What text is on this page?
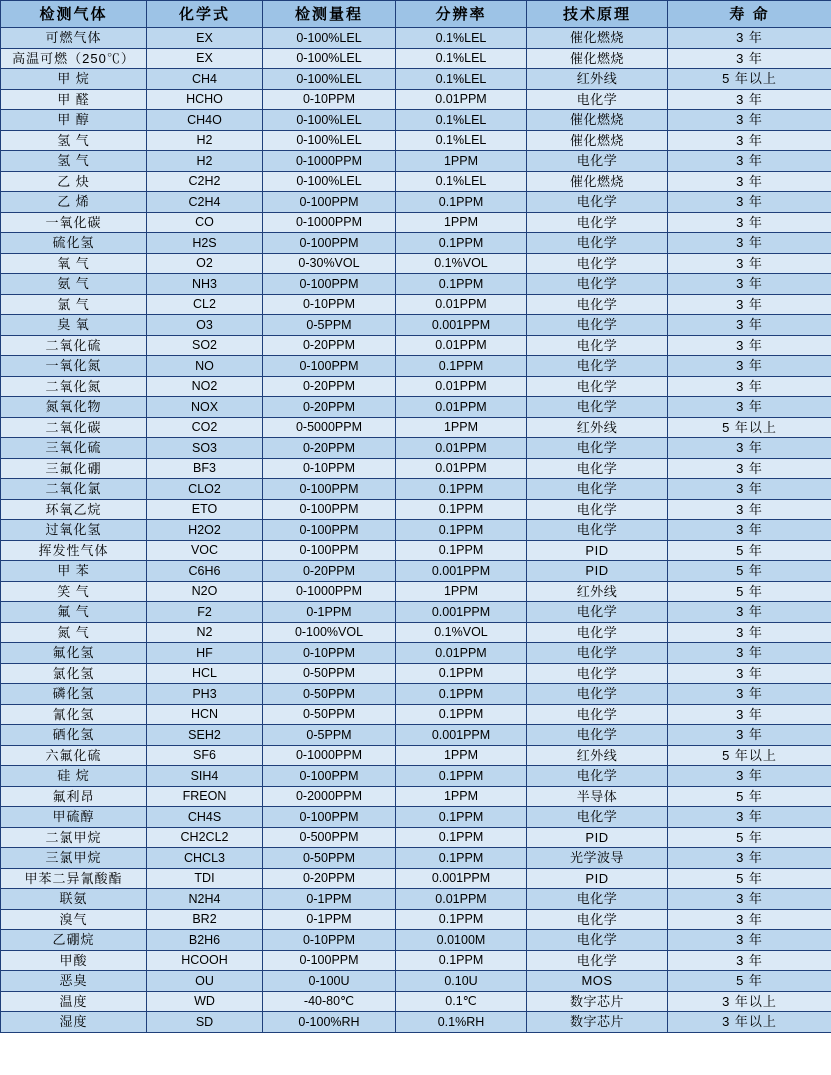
检测气体	化学式	检测量程	分辨率	技术原理	寿 命
可燃气体	EX	0-100%LEL	0.1%LEL	催化燃烧	3 年
高温可燃（250℃）	EX	0-100%LEL	0.1%LEL	催化燃烧	3 年
甲 烷	CH4	0-100%LEL	0.1%LEL	红外线	5 年以上
甲 醛	HCHO	0-10PPM	0.01PPM	电化学	3 年
甲 醇	CH4O	0-100%LEL	0.1%LEL	催化燃烧	3 年
氢 气	H2	0-100%LEL	0.1%LEL	催化燃烧	3 年
氢 气	H2	0-1000PPM	1PPM	电化学	3 年
乙 炔	C2H2	0-100%LEL	0.1%LEL	催化燃烧	3 年
乙 烯	C2H4	0-100PPM	0.1PPM	电化学	3 年
一氧化碳	CO	0-1000PPM	1PPM	电化学	3 年
硫化氢	H2S	0-100PPM	0.1PPM	电化学	3 年
氧 气	O2	0-30%VOL	0.1%VOL	电化学	3 年
氨 气	NH3	0-100PPM	0.1PPM	电化学	3 年
氯 气	CL2	0-10PPM	0.01PPM	电化学	3 年
臭 氧	O3	0-5PPM	0.001PPM	电化学	3 年
二氧化硫	SO2	0-20PPM	0.01PPM	电化学	3 年
一氧化氮	NO	0-100PPM	0.1PPM	电化学	3 年
二氧化氮	NO2	0-20PPM	0.01PPM	电化学	3 年
氮氧化物	NOX	0-20PPM	0.01PPM	电化学	3 年
二氧化碳	CO2	0-5000PPM	1PPM	红外线	5 年以上
三氧化硫	SO3	0-20PPM	0.01PPM	电化学	3 年
三氟化硼	BF3	0-10PPM	0.01PPM	电化学	3 年
二氧化氯	CLO2	0-100PPM	0.1PPM	电化学	3 年
环氧乙烷	ETO	0-100PPM	0.1PPM	电化学	3 年
过氧化氢	H2O2	0-100PPM	0.1PPM	电化学	3 年
挥发性气体	VOC	0-100PPM	0.1PPM	PID	5 年
甲 苯	C6H6	0-20PPM	0.001PPM	PID	5 年
笑 气	N2O	0-1000PPM	1PPM	红外线	5 年
氟 气	F2	0-1PPM	0.001PPM	电化学	3 年
氮 气	N2	0-100%VOL	0.1%VOL	电化学	3 年
氟化氢	HF	0-10PPM	0.01PPM	电化学	3 年
氯化氢	HCL	0-50PPM	0.1PPM	电化学	3 年
磷化氢	PH3	0-50PPM	0.1PPM	电化学	3 年
氰化氢	HCN	0-50PPM	0.1PPM	电化学	3 年
硒化氢	SEH2	0-5PPM	0.001PPM	电化学	3 年
六氟化硫	SF6	0-1000PPM	1PPM	红外线	5 年以上
硅 烷	SIH4	0-100PPM	0.1PPM	电化学	3 年
氟利昂	FREON	0-2000PPM	1PPM	半导体	5 年
甲硫醇	CH4S	0-100PPM	0.1PPM	电化学	3 年
二氯甲烷	CH2CL2	0-500PPM	0.1PPM	PID	5 年
三氯甲烷	CHCL3	0-50PPM	0.1PPM	光学波导	3 年
甲苯二异氰酸酯	TDI	0-20PPM	0.001PPM	PID	5 年
联氨	N2H4	0-1PPM	0.01PPM	电化学	3 年
溴气	BR2	0-1PPM	0.1PPM	电化学	3 年
乙硼烷	B2H6	0-10PPM	0.0100M	电化学	3 年
甲酸	HCOOH	0-100PPM	0.1PPM	电化学	3 年
恶臭	OU	0-100U	0.10U	MOS	5 年
温度	WD	-40-80℃	0.1℃	数字芯片	3 年以上
湿度	SD	0-100%RH	0.1%RH	数字芯片	3 年以上
